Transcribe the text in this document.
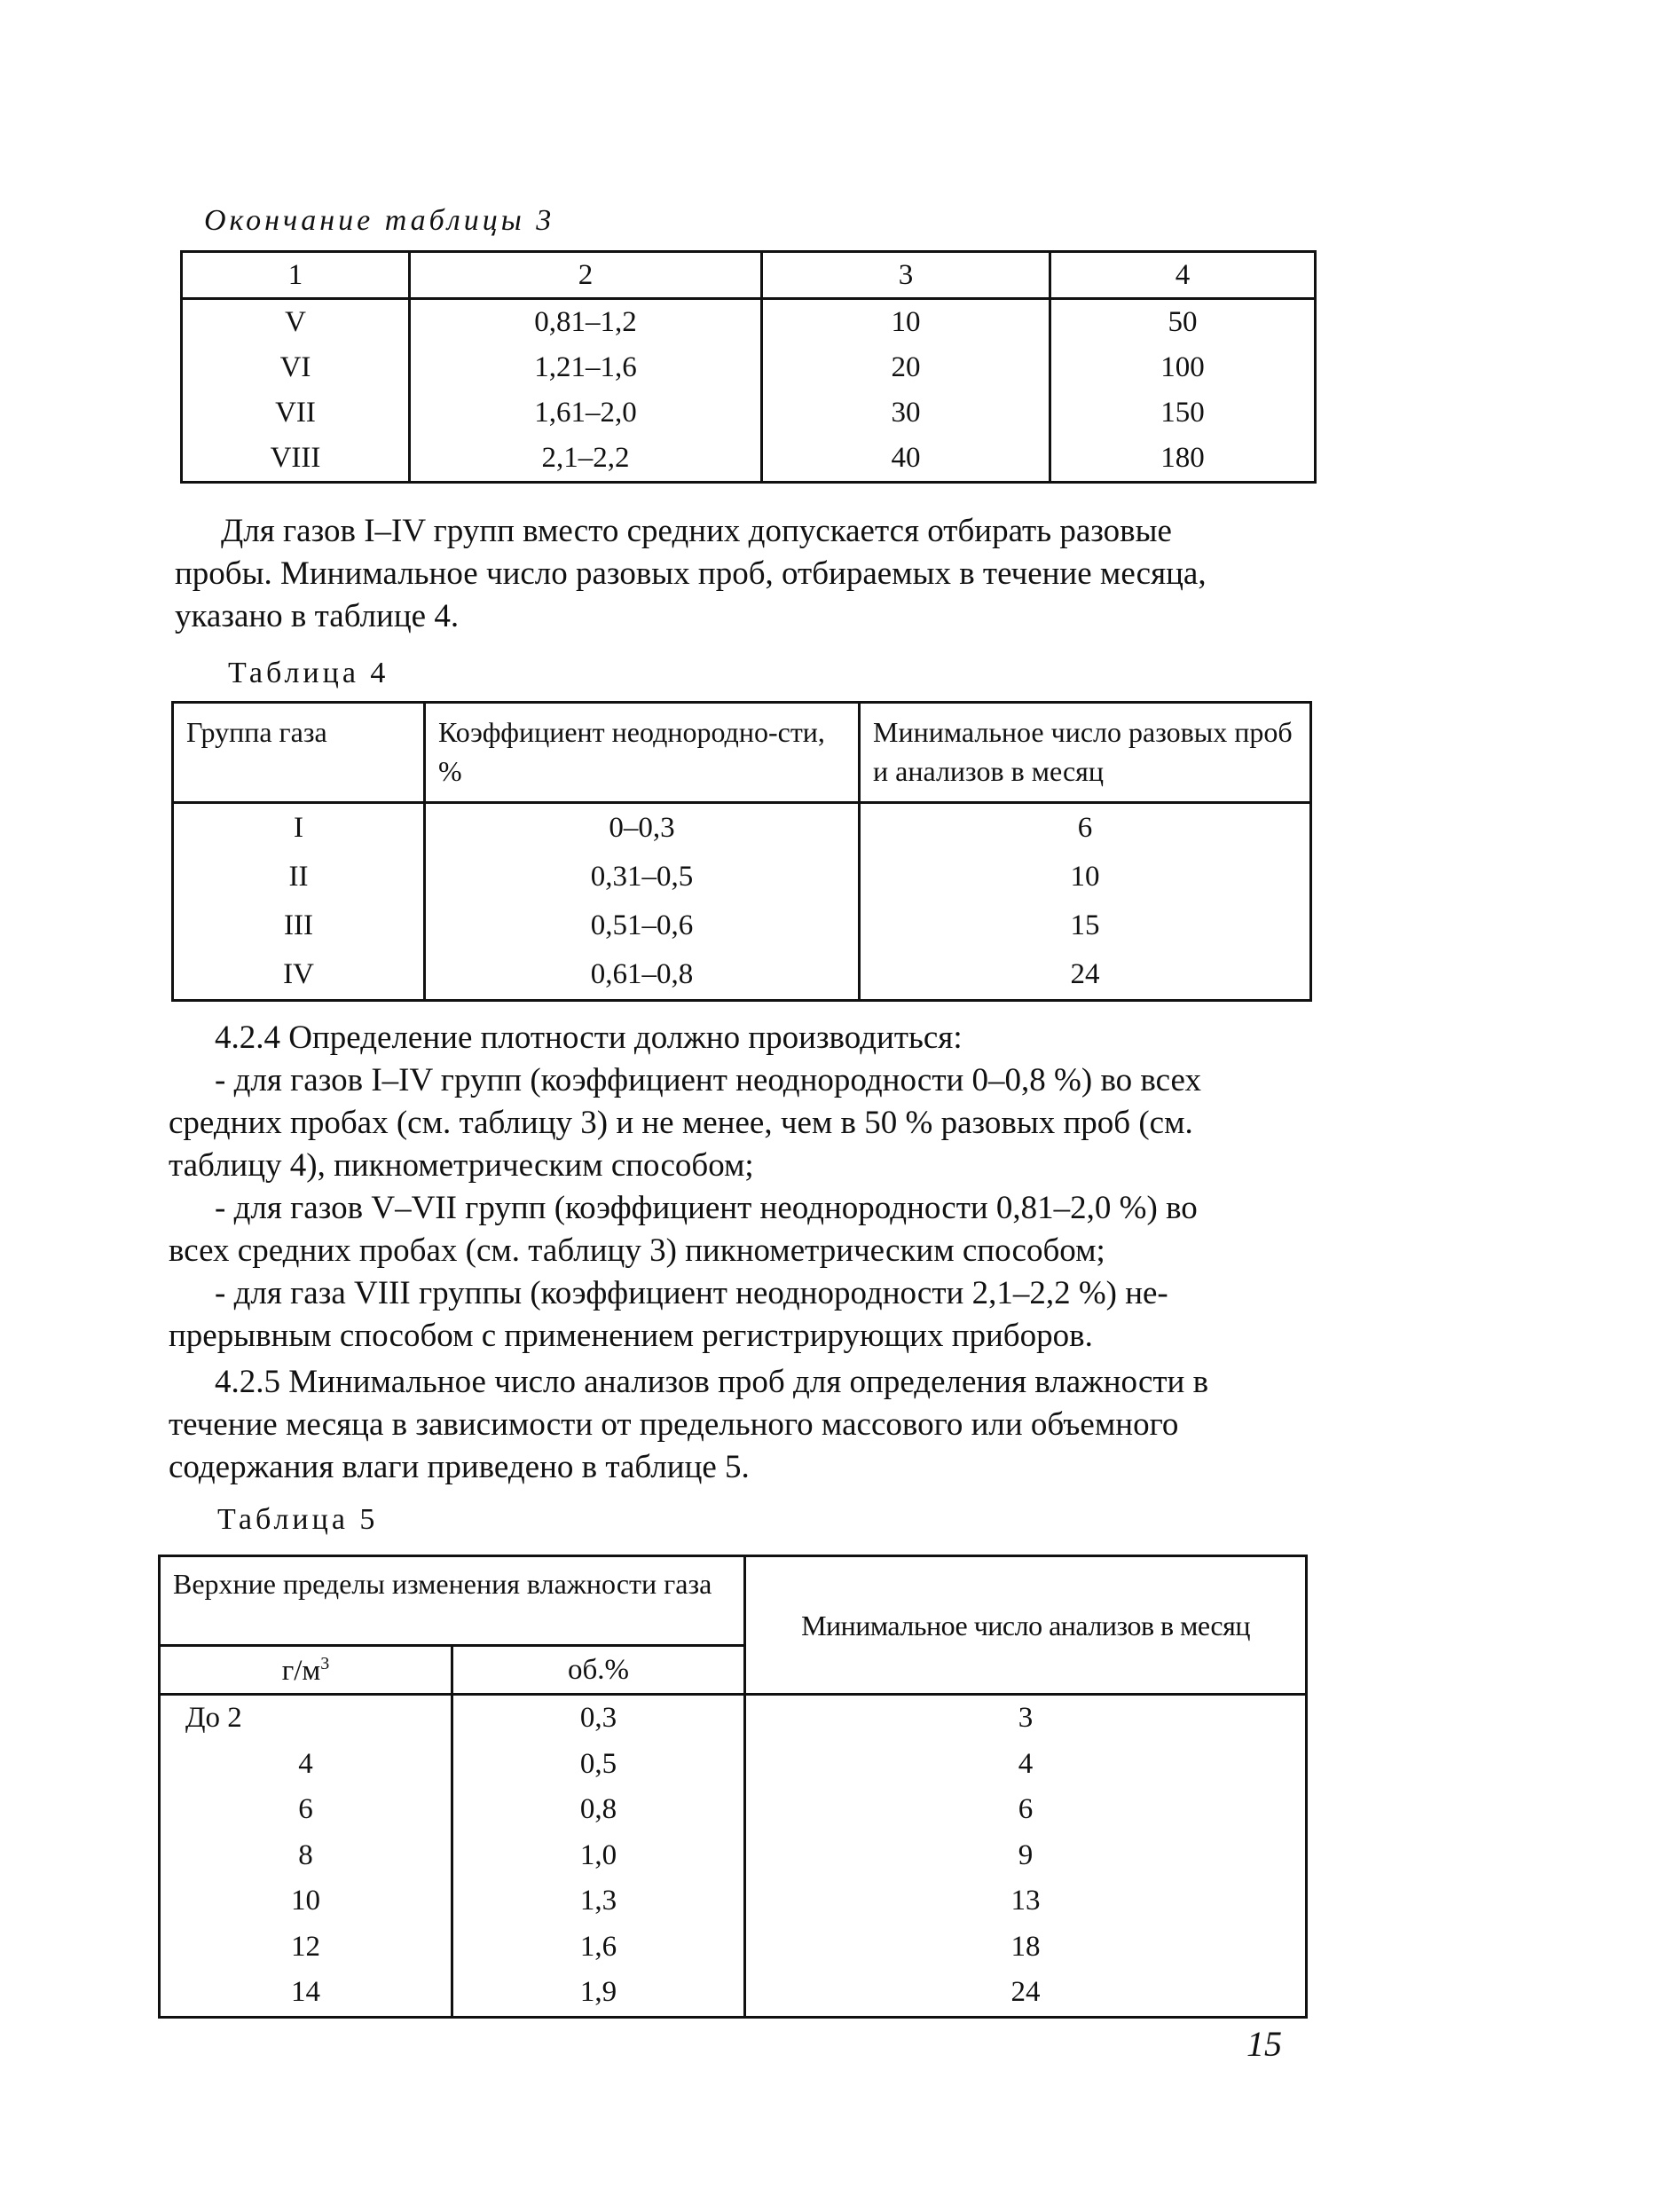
Окончание таблицы 3
1	2	3	4
V	0,81–1,2	10	50
VI	1,21–1,6	20	100
VII	1,61–2,0	30	150
VIII	2,1–2,2	40	180
Для газов I–IV групп вместо средних допускается отбирать разовые
пробы. Минимальное число разовых проб, отбираемых в течение месяца,
указано в таблице 4.
Таблица 4
Группа газа	Коэффициент неоднородно-сти, %	Минимальное число разовых проб и анализов в месяц
I	0–0,3	6
II	0,31–0,5	10
III	0,51–0,6	15
IV	0,61–0,8	24
4.2.4 Определение плотности должно производиться:
- для газов I–IV групп (коэффициент неоднородности 0–0,8 %) во всех
средних пробах (см. таблицу 3) и не менее, чем в 50 % разовых проб (см.
таблицу 4), пикнометрическим способом;
- для газов V–VII групп (коэффициент неоднородности 0,81–2,0 %) во
всех средних пробах (см. таблицу 3) пикнометрическим способом;
- для газа VIII группы (коэффициент неоднородности 2,1–2,2 %) не-
прерывным способом с применением регистрирующих приборов.
4.2.5 Минимальное число анализов проб для определения влажности в
течение месяца в зависимости от предельного массового или объемного
содержания влаги приведено в таблице 5.
Таблица 5
Верхние пределы изменения влажности газа		Минимальное число анализов в месяц
$г/м^3$	об.%	
До 2	0,3	3
4	0,5	4
6	0,8	6
8	1,0	9
10	1,3	13
12	1,6	18
14	1,9	24
15
